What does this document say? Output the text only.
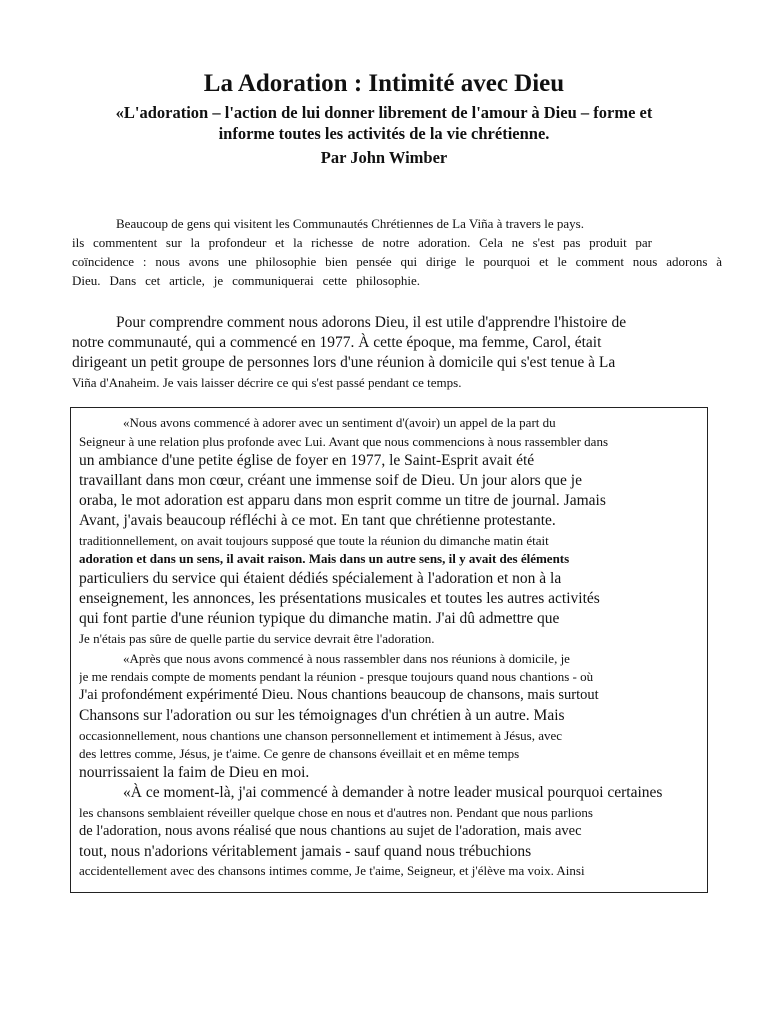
La Adoration : Intimité avec Dieu
«L'adoration – l'action de lui donner librement de l'amour à Dieu – forme et
informe toutes les activités de la vie chrétienne.
Par John Wimber
Beaucoup de gens qui visitent les Communautés Chrétiennes de La Viña à travers le pays.
ils commentent sur la profondeur et la richesse de notre adoration. Cela ne s'est pas produit par
coïncidence : nous avons une philosophie bien pensée qui dirige le pourquoi et le comment nous adorons à
Dieu. Dans cet article, je communiquerai cette philosophie.
Pour comprendre comment nous adorons Dieu, il est utile d'apprendre l'histoire de
notre communauté, qui a commencé en 1977. À cette époque, ma femme, Carol, était
dirigeant un petit groupe de personnes lors d'une réunion à domicile qui s'est tenue à La
Viña d'Anaheim. Je vais laisser décrire ce qui s'est passé pendant ce temps.
«Nous avons commencé à adorer avec un sentiment d'(avoir) un appel de la part du
Seigneur à une relation plus profonde avec Lui. Avant que nous commencions à nous rassembler dans
un ambiance d'une petite église de foyer en 1977, le Saint-Esprit avait été
travaillant dans mon cœur, créant une immense soif de Dieu. Un jour alors que je
oraba, le mot adoration est apparu dans mon esprit comme un titre de journal. Jamais
Avant, j'avais beaucoup réfléchi à ce mot. En tant que chrétienne protestante.
traditionnellement, on avait toujours supposé que toute la réunion du dimanche matin était
adoration et dans un sens, il avait raison. Mais dans un autre sens, il y avait des éléments
particuliers du service qui étaient dédiés spécialement à l'adoration et non à la
enseignement, les annonces, les présentations musicales et toutes les autres activités
qui font partie d'une réunion typique du dimanche matin. J'ai dû admettre que
Je n'étais pas sûre de quelle partie du service devrait être l'adoration.
«Après que nous avons commencé à nous rassembler dans nos réunions à domicile, je
je me rendais compte de moments pendant la réunion - presque toujours quand nous chantions - où
J'ai profondément expérimenté Dieu. Nous chantions beaucoup de chansons, mais surtout
Chansons sur l'adoration ou sur les témoignages d'un chrétien à un autre. Mais
occasionnellement, nous chantions une chanson personnellement et intimement à Jésus, avec
des lettres comme, Jésus, je t'aime. Ce genre de chansons éveillait et en même temps
nourrissaient la faim de Dieu en moi.
«À ce moment-là, j'ai commencé à demander à notre leader musical pourquoi certaines
les chansons semblaient réveiller quelque chose en nous et d'autres non. Pendant que nous parlions
de l'adoration, nous avons réalisé que nous chantions au sujet de l'adoration, mais avec
tout, nous n'adorions véritablement jamais - sauf quand nous trébuchions
accidentellement avec des chansons intimes comme, Je t'aime, Seigneur, et j'élève ma voix. Ainsi
